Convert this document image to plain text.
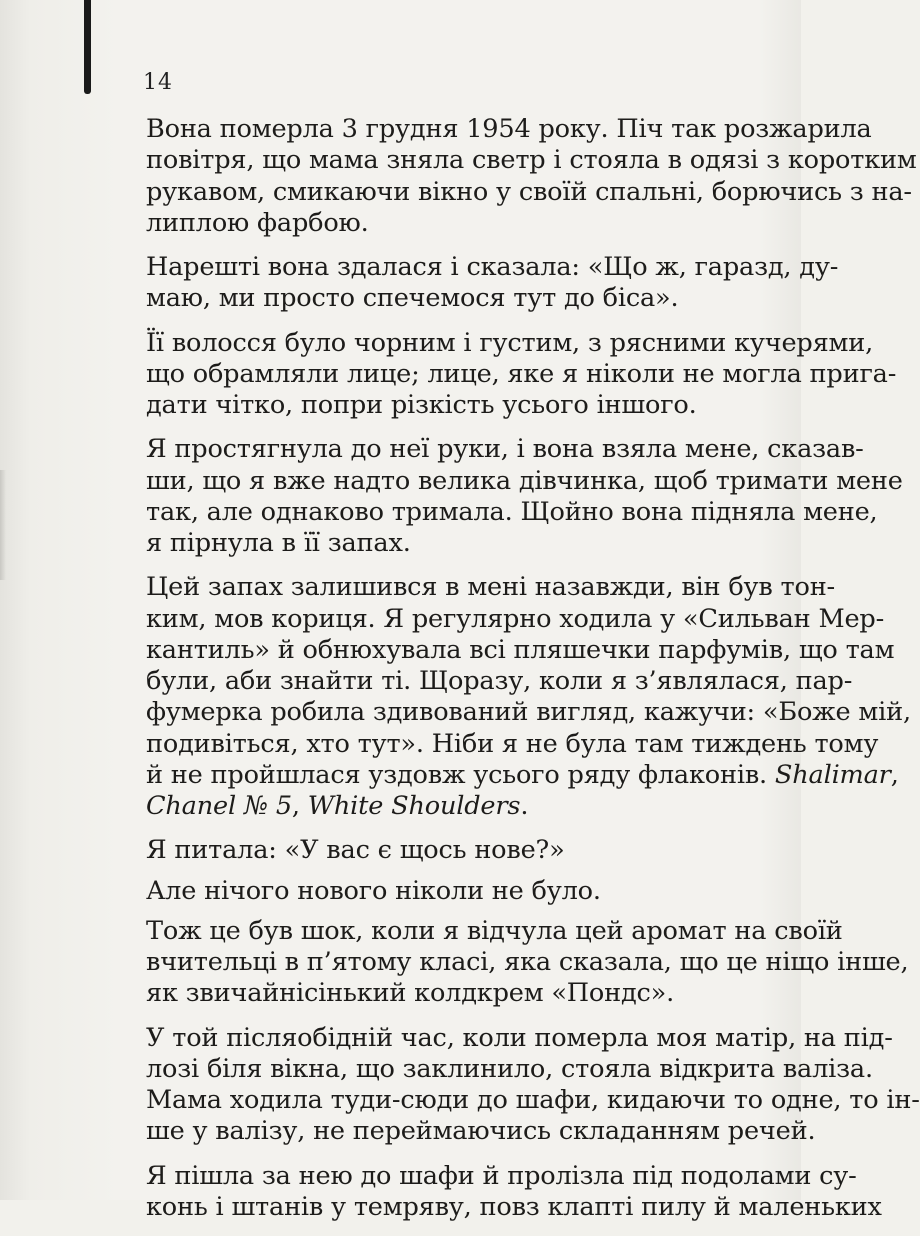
14

Вона померла 3 грудня 1954 року. Піч так розжарила
повітря, що мама зняла светр і стояла в одязі з коротким
рукавом, смикаючи вікно у своїй спальні, борючись з на-
липлою фарбою.

Нарешті вона здалася і сказала: «Що ж, гаразд, ду-
маю, ми просто спечемося тут до біса».

Її волосся було чорним і густим, з рясними кучерями,
що обрамляли лице; лице, яке я ніколи не могла прига-
дати чітко, попри різкість усього іншого.

Я простягнула до неї руки, і вона взяла мене, сказав-
ши, що я вже надто велика дівчинка, щоб тримати мене
так, але однаково тримала. Щойно вона підняла мене,
я пірнула в її запах.

Цей запах залишився в мені назавжди, він був тон-
ким, мов кориця. Я регулярно ходила у «Сильван Мер-
кантиль» й обнюхувала всі пляшечки парфумів, що там
були, аби знайти ті. Щоразу, коли я з’являлася, пар-
фумерка робила здивований вигляд, кажучи: «Боже мій,
подивіться, хто тут». Ніби я не була там тиждень тому
й не пройшлася уздовж усього ряду флаконів. Shalimar,
Chanel № 5, White Shoulders.

Я питала: «У вас є щось нове?»

Але нічого нового ніколи не було.

Тож це був шок, коли я відчула цей аромат на своїй
вчительці в п’ятому класі, яка сказала, що це ніщо інше,
як звичайнісінький колдкрем «Пондс».

У той післяобідній час, коли померла моя матір, на під-
лозі біля вікна, що заклинило, стояла відкрита валіза.
Мама ходила туди-сюди до шафи, кидаючи то одне, то ін-
ше у валізу, не переймаючись складанням речей.

Я пішла за нею до шафи й пролізла під подолами су-
конь і штанів у темряву, повз клапті пилу й маленьких
